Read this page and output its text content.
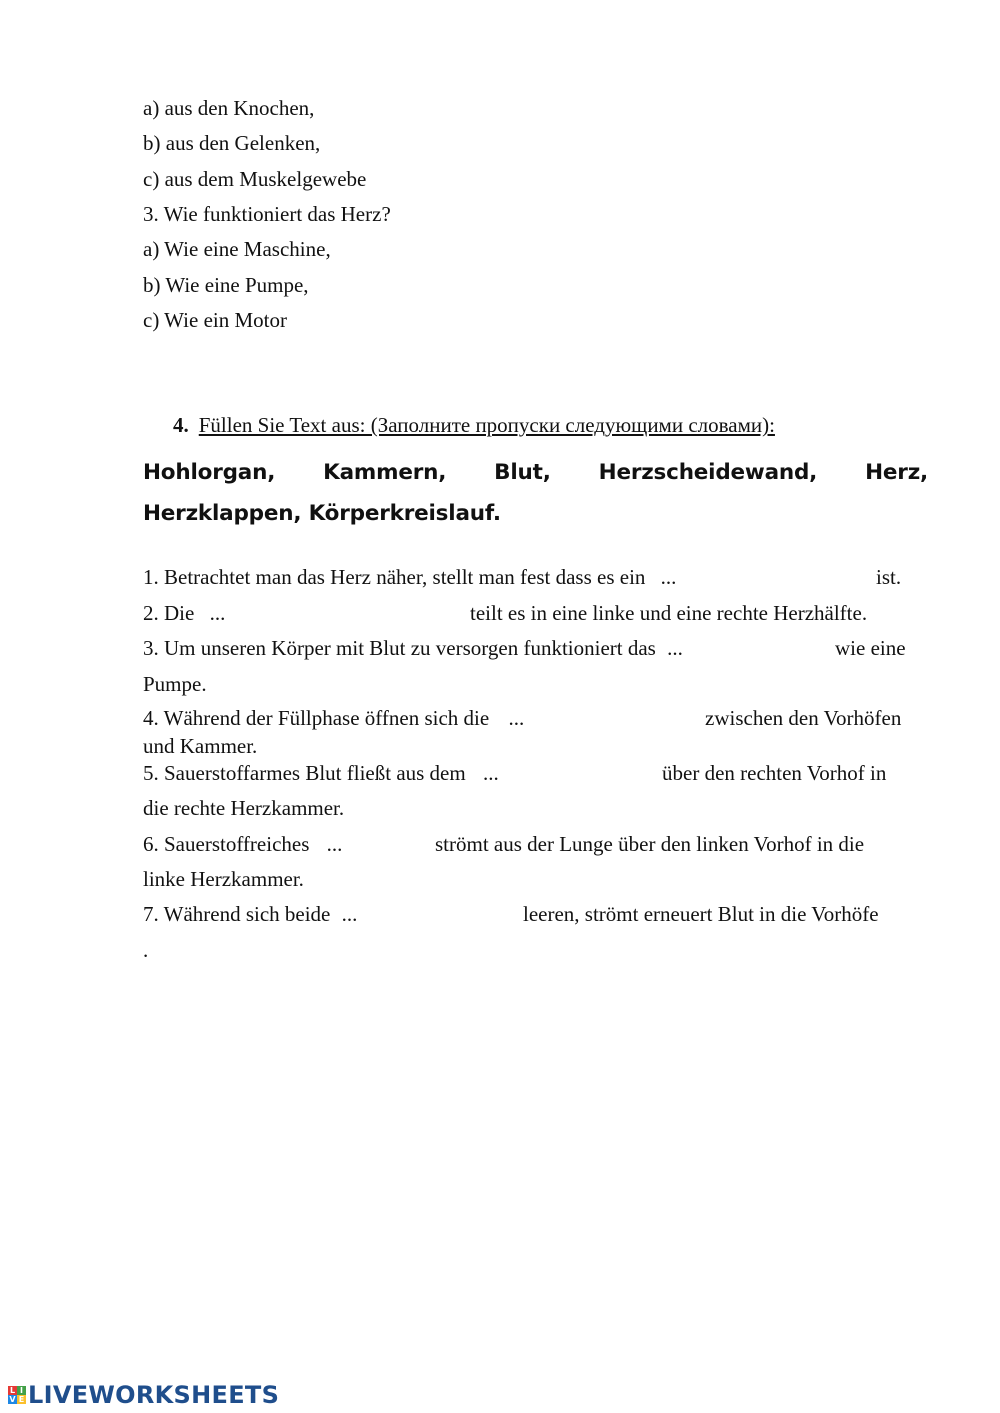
a) aus den Knochen,
b) aus den Gelenken,
c) aus dem Muskelgewebe
3. Wie funktioniert das Herz?
a) Wie eine Maschine,
b) Wie eine Pumpe,
c) Wie ein Motor
4. Füllen Sie Text aus: (Заполните пропуски следующими словами):
Hohlorgan, Kammern, Blut, Herzscheidewand, Herz, Herzklappen, Körperkreislauf.
1. Betrachtet man das Herz näher, stellt man fest dass es ein ...	ist.
2. Die ...	teilt es in eine linke und eine rechte Herzhälfte.
3. Um unseren Körper mit Blut zu versorgen funktioniert das ...	wie eine
Pumpe.
4. Während der Füllphase öffnen sich die ...	zwischen den Vorhöfen
und Kammer.
5. Sauerstoffarmes Blut fließt aus dem ...	über den rechten Vorhof in
die rechte Herzkammer.
6. Sauerstoffreiches ...	strömt aus der Lunge über den linken Vorhof in die
linke Herzkammer.
7. Während sich beide ...	leeren, strömt erneuert Blut in die Vorhöfe
.
L I
V E LIVEWORKSHEETS
